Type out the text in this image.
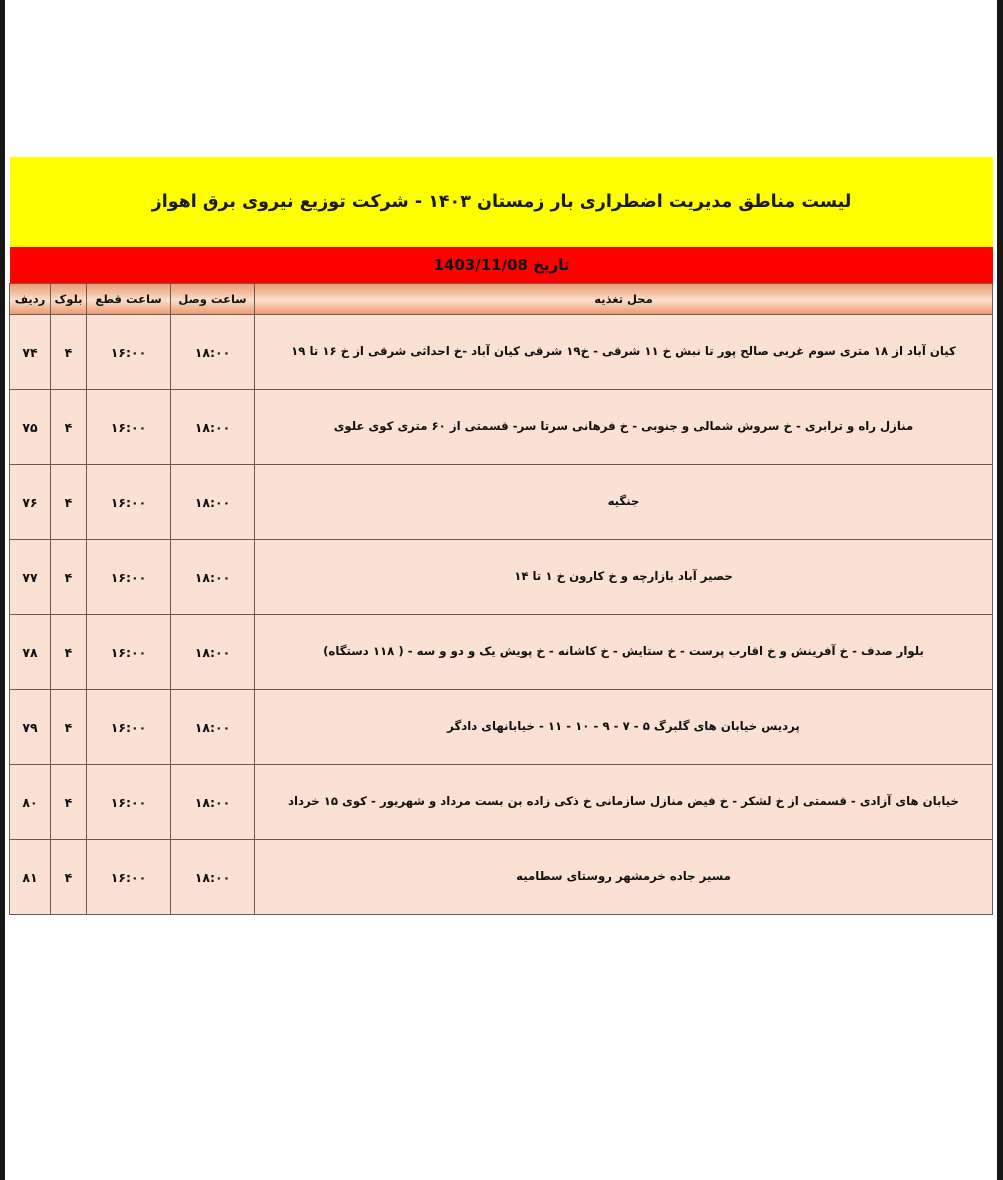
لیست مناطق مدیریت اضطراری بار زمستان ۱۴۰۳ - شرکت توزیع نیروی برق اهواز
تاریخ 1403/11/08
محل تغذیه	ساعت وصل	ساعت قطع	بلوک	ردیف
کیان آباد از ۱۸ متری سوم غربی صالح پور تا نبش خ ۱۱ شرقی - خ۱۹ شرقی کیان آباد -خ احداثی شرقی از خ ۱۶ تا ۱۹	۱۸:۰۰	۱۶:۰۰	۴	۷۴
منازل راه و ترابری - خ سروش شمالی و جنوبی - خ فرهانی سرتا سر- قسمتی از ۶۰ متری کوی علوی	۱۸:۰۰	۱۶:۰۰	۴	۷۵
جنگیه	۱۸:۰۰	۱۶:۰۰	۴	۷۶
حصیر آباد بازارچه و خ کارون خ ۱ تا ۱۴	۱۸:۰۰	۱۶:۰۰	۴	۷۷
بلوار صدف - خ آفرینش و خ اقارب پرست - خ ستایش - خ کاشانه - خ پویش یک و دو و سه - ( ۱۱۸ دستگاه)	۱۸:۰۰	۱۶:۰۰	۴	۷۸
پردیس خیابان های گلبرگ ۵ - ۷ - ۹ - ۱۰ - ۱۱ - خیابانهای دادگر	۱۸:۰۰	۱۶:۰۰	۴	۷۹
خیابان های آزادی - قسمتی از خ لشکر - خ فیض منازل سازمانی خ ذکی زاده بن بست مرداد و شهریور - کوی ۱۵ خرداد	۱۸:۰۰	۱۶:۰۰	۴	۸۰
مسیر جاده خرمشهر روستای سطامیه	۱۸:۰۰	۱۶:۰۰	۴	۸۱
